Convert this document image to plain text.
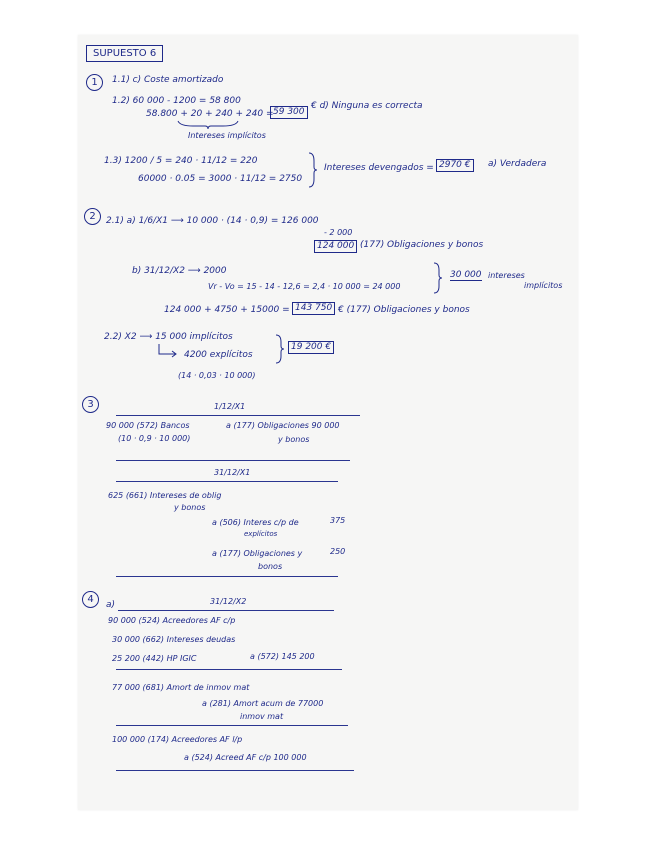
SUPUESTO 6
1	1.1) c) Coste amortizado
1.2) 60 000 - 1200 = 58 800
58.800 + 20 + 240 + 240 = 59 300
€ d) Ninguna es correcta
Intereses implícitos
1.3) 1200 / 5 = 240 · 11/12 = 220
60000 · 0.05 = 3000 · 11/12 = 2750
Intereses devengados = 2970 €	a) Verdadera
2	2.1) a) 1/6/X1 ⟶ 10 000 · (14 · 0,9) = 126 000
- 2 000
124 000 (177) Obligaciones y bonos
b) 31/12/X2 ⟶ 2000
Vr - Vo = 15 - 14 - 12,6 = 2,4 · 10 000 = 24 000
30 000 intereses
implícitos
124 000 + 4750 + 15000 = 143 750 € (177) Obligaciones y bonos
2.2) X2 ⟶ 15 000 implícitos
4200 explícitos
(14 · 0,03 · 10 000)
19 200 €
3	1/12/X1
90 000 (572) Bancos	a (177) Obligaciones 90 000
(10 · 0,9 · 10 000)	y bonos
31/12/X1
625 (661) Intereses de oblig
y bonos
a (506) Interes c/p de	375
explícitos
a (177) Obligaciones y	250
bonos
4	a)	31/12/X2
90 000 (524) Acreedores AF c/p
30 000 (662) Intereses deudas
25 200 (442) HP IGIC	a (572) 145 200
77 000 (681) Amort de inmov mat
a (281) Amort acum de 77000
inmov mat
100 000 (174) Acreedores AF l/p
a (524) Acreed AF c/p 100 000
